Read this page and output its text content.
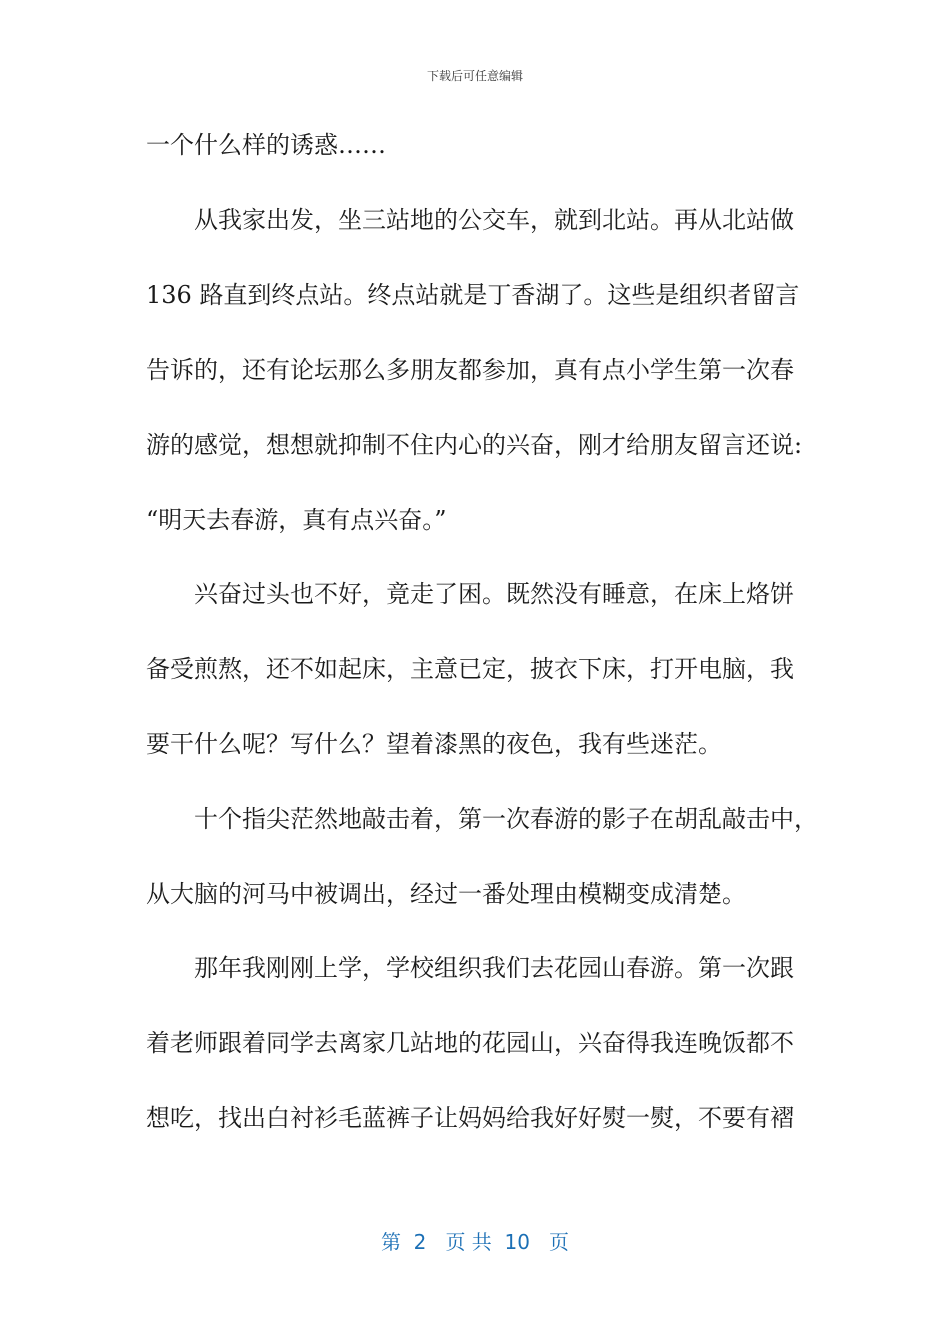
下载后可任意编辑
一个什么样的诱惑……
从我家出发，坐三站地的公交车，就到北站。再从北站做
136 路直到终点站。终点站就是丁香湖了。这些是组织者留言
告诉的，还有论坛那么多朋友都参加，真有点小学生第一次春
游的感觉，想想就抑制不住内心的兴奋，刚才给朋友留言还说:
“明天去春游，真有点兴奋。”
兴奋过头也不好，竟走了困。既然没有睡意，在床上烙饼
备受煎熬，还不如起床，主意已定，披衣下床，打开电脑，我
要干什么呢？写什么？望着漆黑的夜色，我有些迷茫。
十个指尖茫然地敲击着，第一次春游的影子在胡乱敲击中，
从大脑的河马中被调出，经过一番处理由模糊变成清楚。
那年我刚刚上学，学校组织我们去花园山春游。第一次跟
着老师跟着同学去离家几站地的花园山，兴奋得我连晚饭都不
想吃，找出白衬衫毛蓝裤子让妈妈给我好好熨一熨，不要有褶
第  2   页 共  10   页
